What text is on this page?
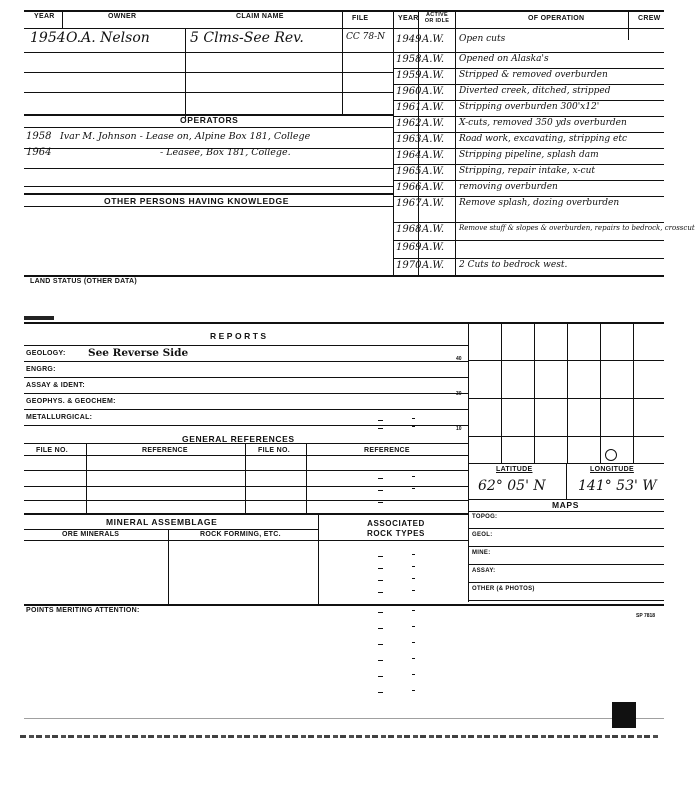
YEAR	OWNER	CLAIM NAME	FILE	YEAR	ACTIVE OR IDLE	OF OPERATION	CREW
1954 O.A. Nelson	5 Clms-See Rev.	CC 78-N
OPERATORS
1958 Ivar M. Johnson - Lease on, Alpine Box 181, College
1964	- Leasee, Box 181, College.
OTHER PERSONS HAVING KNOWLEDGE
LAND STATUS (OTHER DATA)
1949 A.W. Open cuts
1958 A.W. Opened on Alaska's
1959 A.W. Stripped & removed overburden
1960 A.W. Diverted creek, ditched, stripped
1961 A.W. Stripping overburden 300'x12'
1962 A.W. X-cuts, removed 350 yds overburden
1963 A.W. Road work, excavating, stripping etc
1964 A.W. Stripping pipeline, splash dam
1965 A.W. Stripping, repair intake, x-cut
1966 A.W. removing overburden
1967 A.W. Remove splash, dozing overburden
1968 A.W. Remove stuff & slopes & overburden, repairs to bedrock, crosscut
1969 A.W.
1970 A.W. 2 Cuts to bedrock west.
REPORTS
GEOLOGY: See Reverse Side
ENGRG:
ASSAY & IDENT:
GEOPHYS. & GEOCHEM:
METALLURGICAL:
40
30
10
GENERAL REFERENCES
FILE NO.	REFERENCE	FILE NO.	REFERENCE
LATITUDE	LONGITUDE
62° 05' N 141° 53' W
MAPS
TOPOG:
GEOL:
MINE:
ASSAY:
OTHER (& PHOTOS)
MINERAL ASSEMBLAGE
ORE MINERALS	ROCK FORMING, ETC.
ASSOCIATED ROCK TYPES
POINTS MERITING ATTENTION:
SP 7818
